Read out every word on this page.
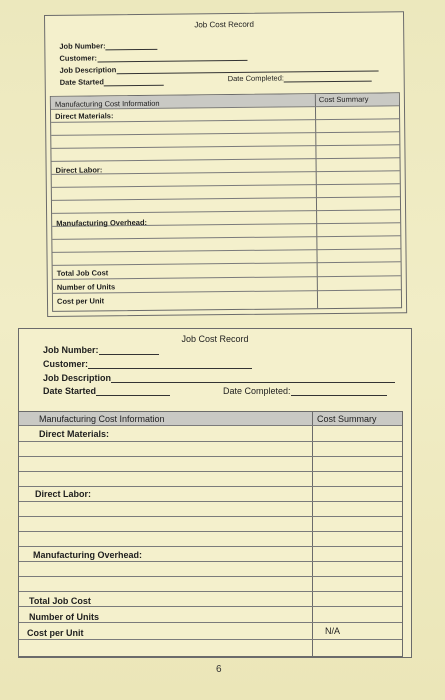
Job Cost Record
Job Number:
Customer:
Job Description
Date Started	Date Completed:
Manufacturing Cost Information	Cost Summary
Direct Materials:
Direct Labor:
Manufacturing Overhead:
Total Job Cost
Number of Units
Cost per Unit
Job Cost Record
Job Number:
Customer:
Job Description
Date Started	Date Completed:
Manufacturing Cost Information	Cost Summary
Direct Materials:
Direct Labor:
Manufacturing Overhead:
Total Job Cost
Number of Units
Cost per Unit	N/A
6
